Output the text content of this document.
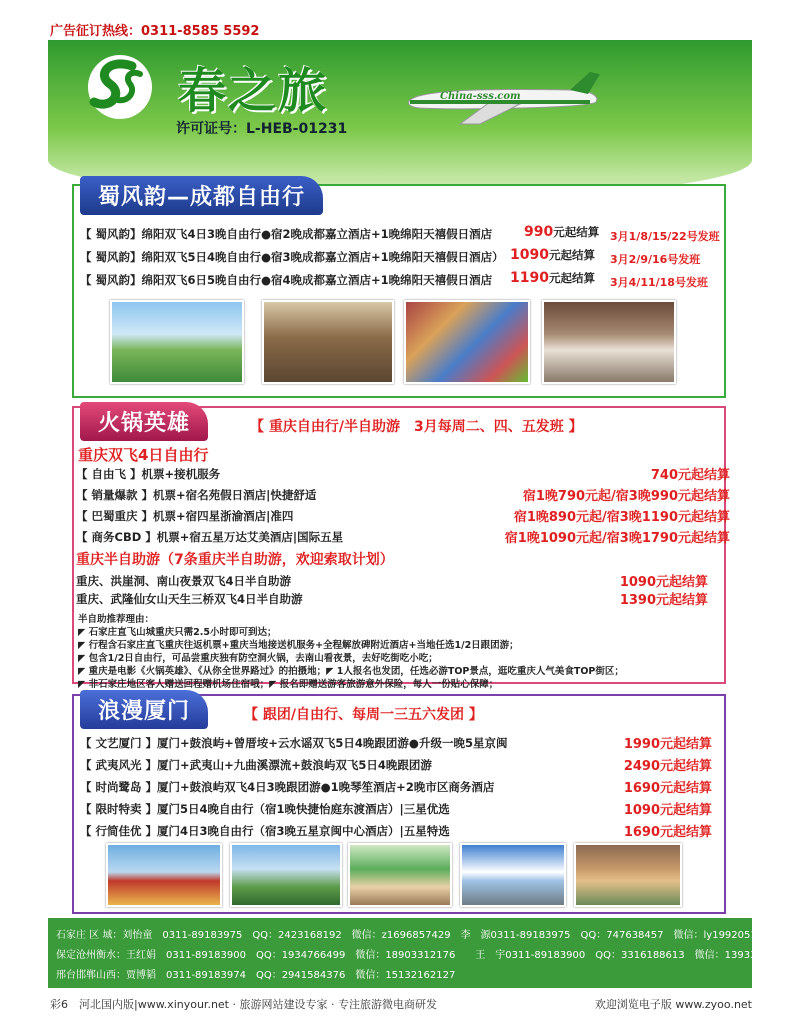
广告征订热线：0311-8585 5592
春之旅
许可证号：L-HEB-01231
China-sss.com
蜀风韵—成都自由行
【 蜀风韵】绵阳双飞4日3晚自由行●宿2晚成都嘉立酒店+1晚绵阳天禧假日酒店 990元起结算 3月1/8/15/22号发班
【 蜀风韵】绵阳双飞5日4晚自由行●宿3晚成都嘉立酒店+1晚绵阳天禧假日酒店） 1090元起结算 3月2/9/16号发班
【 蜀风韵】绵阳双飞6日5晚自由行●宿4晚成都嘉立酒店+1晚绵阳天禧假日酒店 1190元起结算 3月4/11/18号发班
火锅英雄	【 重庆自由行/半自助游　3月每周二、四、五发班 】
重庆双飞4日自由行
【 自由飞 】机票+接机服务	740元起结算
【 销量爆款 】机票+宿名苑假日酒店|快捷舒适	宿1晚790元起/宿3晚990元起结算
【 巴蜀重庆 】机票+宿四星浙渝酒店|准四	宿1晚890元起/宿3晚1190元起结算
【 商务CBD 】机票+宿五星万达艾美酒店|国际五星	宿1晚1090元起/宿3晚1790元起结算
重庆半自助游（7条重庆半自助游，欢迎索取计划）
重庆、洪崖洞、南山夜景双飞4日半自助游	1090元起结算
重庆、武隆仙女山天生三桥双飞4日半自助游	1390元起结算
半自助推荐理由：
◤ 石家庄直飞山城重庆只需2.5小时即可到达；
◤ 行程含石家庄直飞重庆往返机票+重庆当地接送机服务+全程解放碑附近酒店+当地任选1/2日跟团游；
◤ 包含1/2日自由行，可品尝重庆独有防空洞火锅，去南山看夜景，去好吃街吃小吃；
◤ 重庆是电影《火锅英雄》、《从你全世界路过》的拍摄地；◤ 1人报名也发团，任选必游TOP景点，逛吃重庆人气美食TOP街区；
◤ 非石家庄地区客人赠送回程赠机场住宿哦；◤ 报名即赠送游客旅游意外保险，每人一份贴心保障；
浪漫厦门	【 跟团/自由行、每周一三五六发团 】
【 文艺厦门 】厦门+鼓浪屿+曾厝垵+云水谣双飞5日4晚跟团游●升级一晚5星京闽	1990元起结算
【 武夷风光 】厦门+武夷山+九曲溪漂流+鼓浪屿双飞5日4晚跟团游	2490元起结算
【 时尚鹭岛 】厦门+鼓浪屿双飞4日3晚跟团游●1晚琴笙酒店+2晚市区商务酒店	1690元起结算
【 限时特卖 】厦门5日4晚自由行（宿1晚快捷怡庭东渡酒店）|三星优选	1090元起结算
【 行简佳优 】厦门4日3晚自由行（宿3晚五星京闽中心酒店）|五星特选	1690元起结算
石家庄 区 域：刘怡童　0311-89183975　QQ：2423168192　微信：z1696857429　李　源0311-89183975　QQ：747638457　微信：ly19920518ly
保定沧州衡水：王红娟　0311-89183900　QQ：1934766499　微信：18903312176　　王　宇0311-89183900　QQ：3316188613　微信：13933132015
邢台邯郸山西：贾博韬　0311-89183974　QQ：2941584376　微信：15132162127
彩6　河北国内版|www.xinyour.net · 旅游网站建设专家 · 专注旅游微电商研发	欢迎浏览电子版 www.zyoo.net
